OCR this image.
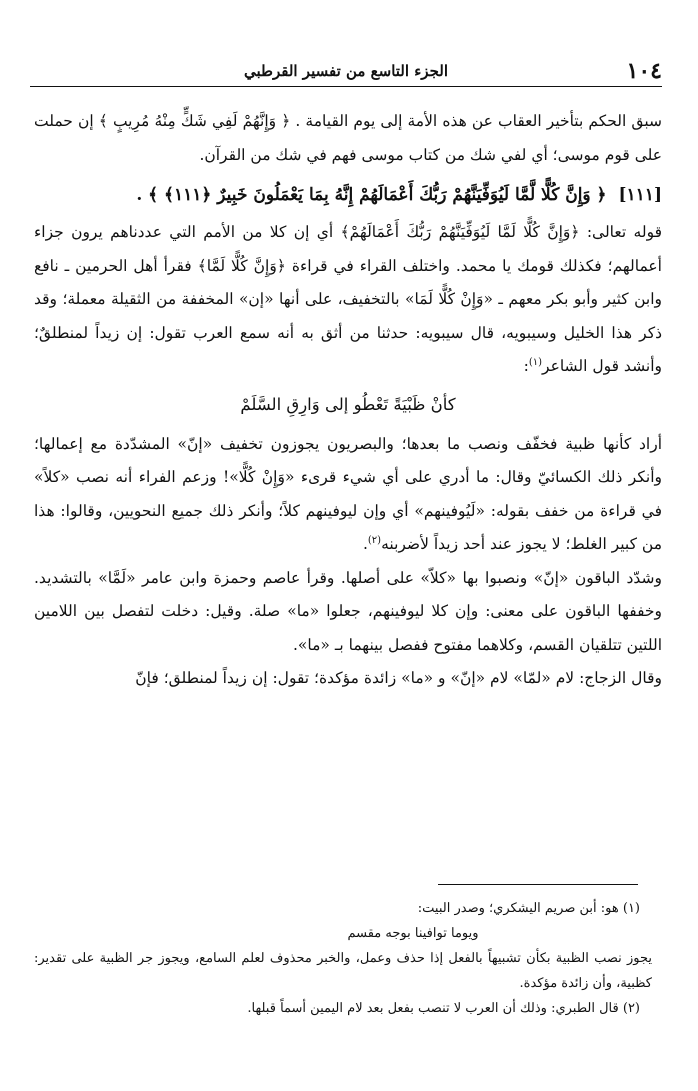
١٠٤
الجزء التاسع من تفسير القرطبي

سبق الحكم بتأخير العقاب عن هذه الأمة إلى يوم القيامة . ﴿ وَإِنَّهُمْ لَفِي شَكٍّ مِنْهُ مُرِيبٍ ﴾ إن حملت على قوم موسى؛ أي لفي شك من كتاب موسى فهم في شك من القرآن.

[١١١]﴿ وَإِنَّ كُلًّا لَّمَّا لَيُوَفِّيَنَّهُمْ رَبُّكَ أَعْمَالَهُمْ إِنَّهُ بِمَا يَعْمَلُونَ خَبِيرٌ ﴿١١١﴾ ﴾ .

قوله تعالى: ﴿وَإِنَّ كُلًّا لَمَّا لَيُوَفِّيَنَّهُمْ رَبُّكَ أَعْمَالَهُمْ﴾ أي إن كلا من الأمم التي عددناهم يرون جزاء أعمالهم؛ فكذلك قومك يا محمد. واختلف القراء في قراءة ﴿وَإِنَّ كُلًّا لَمَّا﴾ فقرأ أهل الحرمين ـ نافع وابن كثير وأبو بكر معهم ـ «وَإِنْ كُلًّا لَمَا» بالتخفيف، على أنها «إن» المخففة من الثقيلة معملة؛ وقد ذكر هذا الخليل وسيبويه، قال سيبويه: حدثنا من أثق به أنه سمع العرب تقول: إن زيداً لمنطلقٌ؛ وأنشد قول الشاعر$^{(١)}$:

كأنْ ظَبْيَةً تَعْطُو إلى وَارِقِ السَّلَمْ

أراد كأنها ظبية فخفّف ونصب ما بعدها؛ والبصريون يجوزون تخفيف «إنّ» المشدّدة مع إعمالها؛ وأنكر ذلك الكسائيّ وقال: ما أدري على أي شيء قرىء «وَإِنْ كُلًّا»! وزعم الفراء أنه نصب «كلاً» في قراءة من خفف بقوله: «لَيُوفينهم» أي وإن ليوفينهم كلاً؛ وأنكر ذلك جميع النحويين، وقالوا: هذا من كبير الغلط؛ لا يجوز عند أحد زيداً لأضربنه$^{(٢)}$.

وشدّد الباقون «إنّ» ونصبوا بها «كلاّ» على أصلها. وقرأ عاصم وحمزة وابن عامر «لَمَّا» بالتشديد. وخففها الباقون على معنى: وإن كلا ليوفينهم، جعلوا «ما» صلة. وقيل: دخلت لتفصل بين اللامين اللتين تتلقيان القسم، وكلاهما مفتوح ففصل بينهما بـ «ما».

وقال الزجاج: لام «لمّا» لام «إنّ» و «ما» زائدة مؤكدة؛ تقول: إن زيداً لمنطلق؛ فإنّ

(١) هو: أبن صريم اليشكري؛ وصدر البيت:

ويوما توافينا بوجه مقسم

يجوز نصب الظبية بكأن تشبيهاً بالفعل إذا حذف وعمل، والخبر محذوف لعلم السامع، ويجوز جر الظبية على تقدير: كظبية، وأن زائدة مؤكدة.

(٢) قال الطبري: وذلك أن العرب لا تنصب بفعل بعد لام اليمين أسماً قبلها.
